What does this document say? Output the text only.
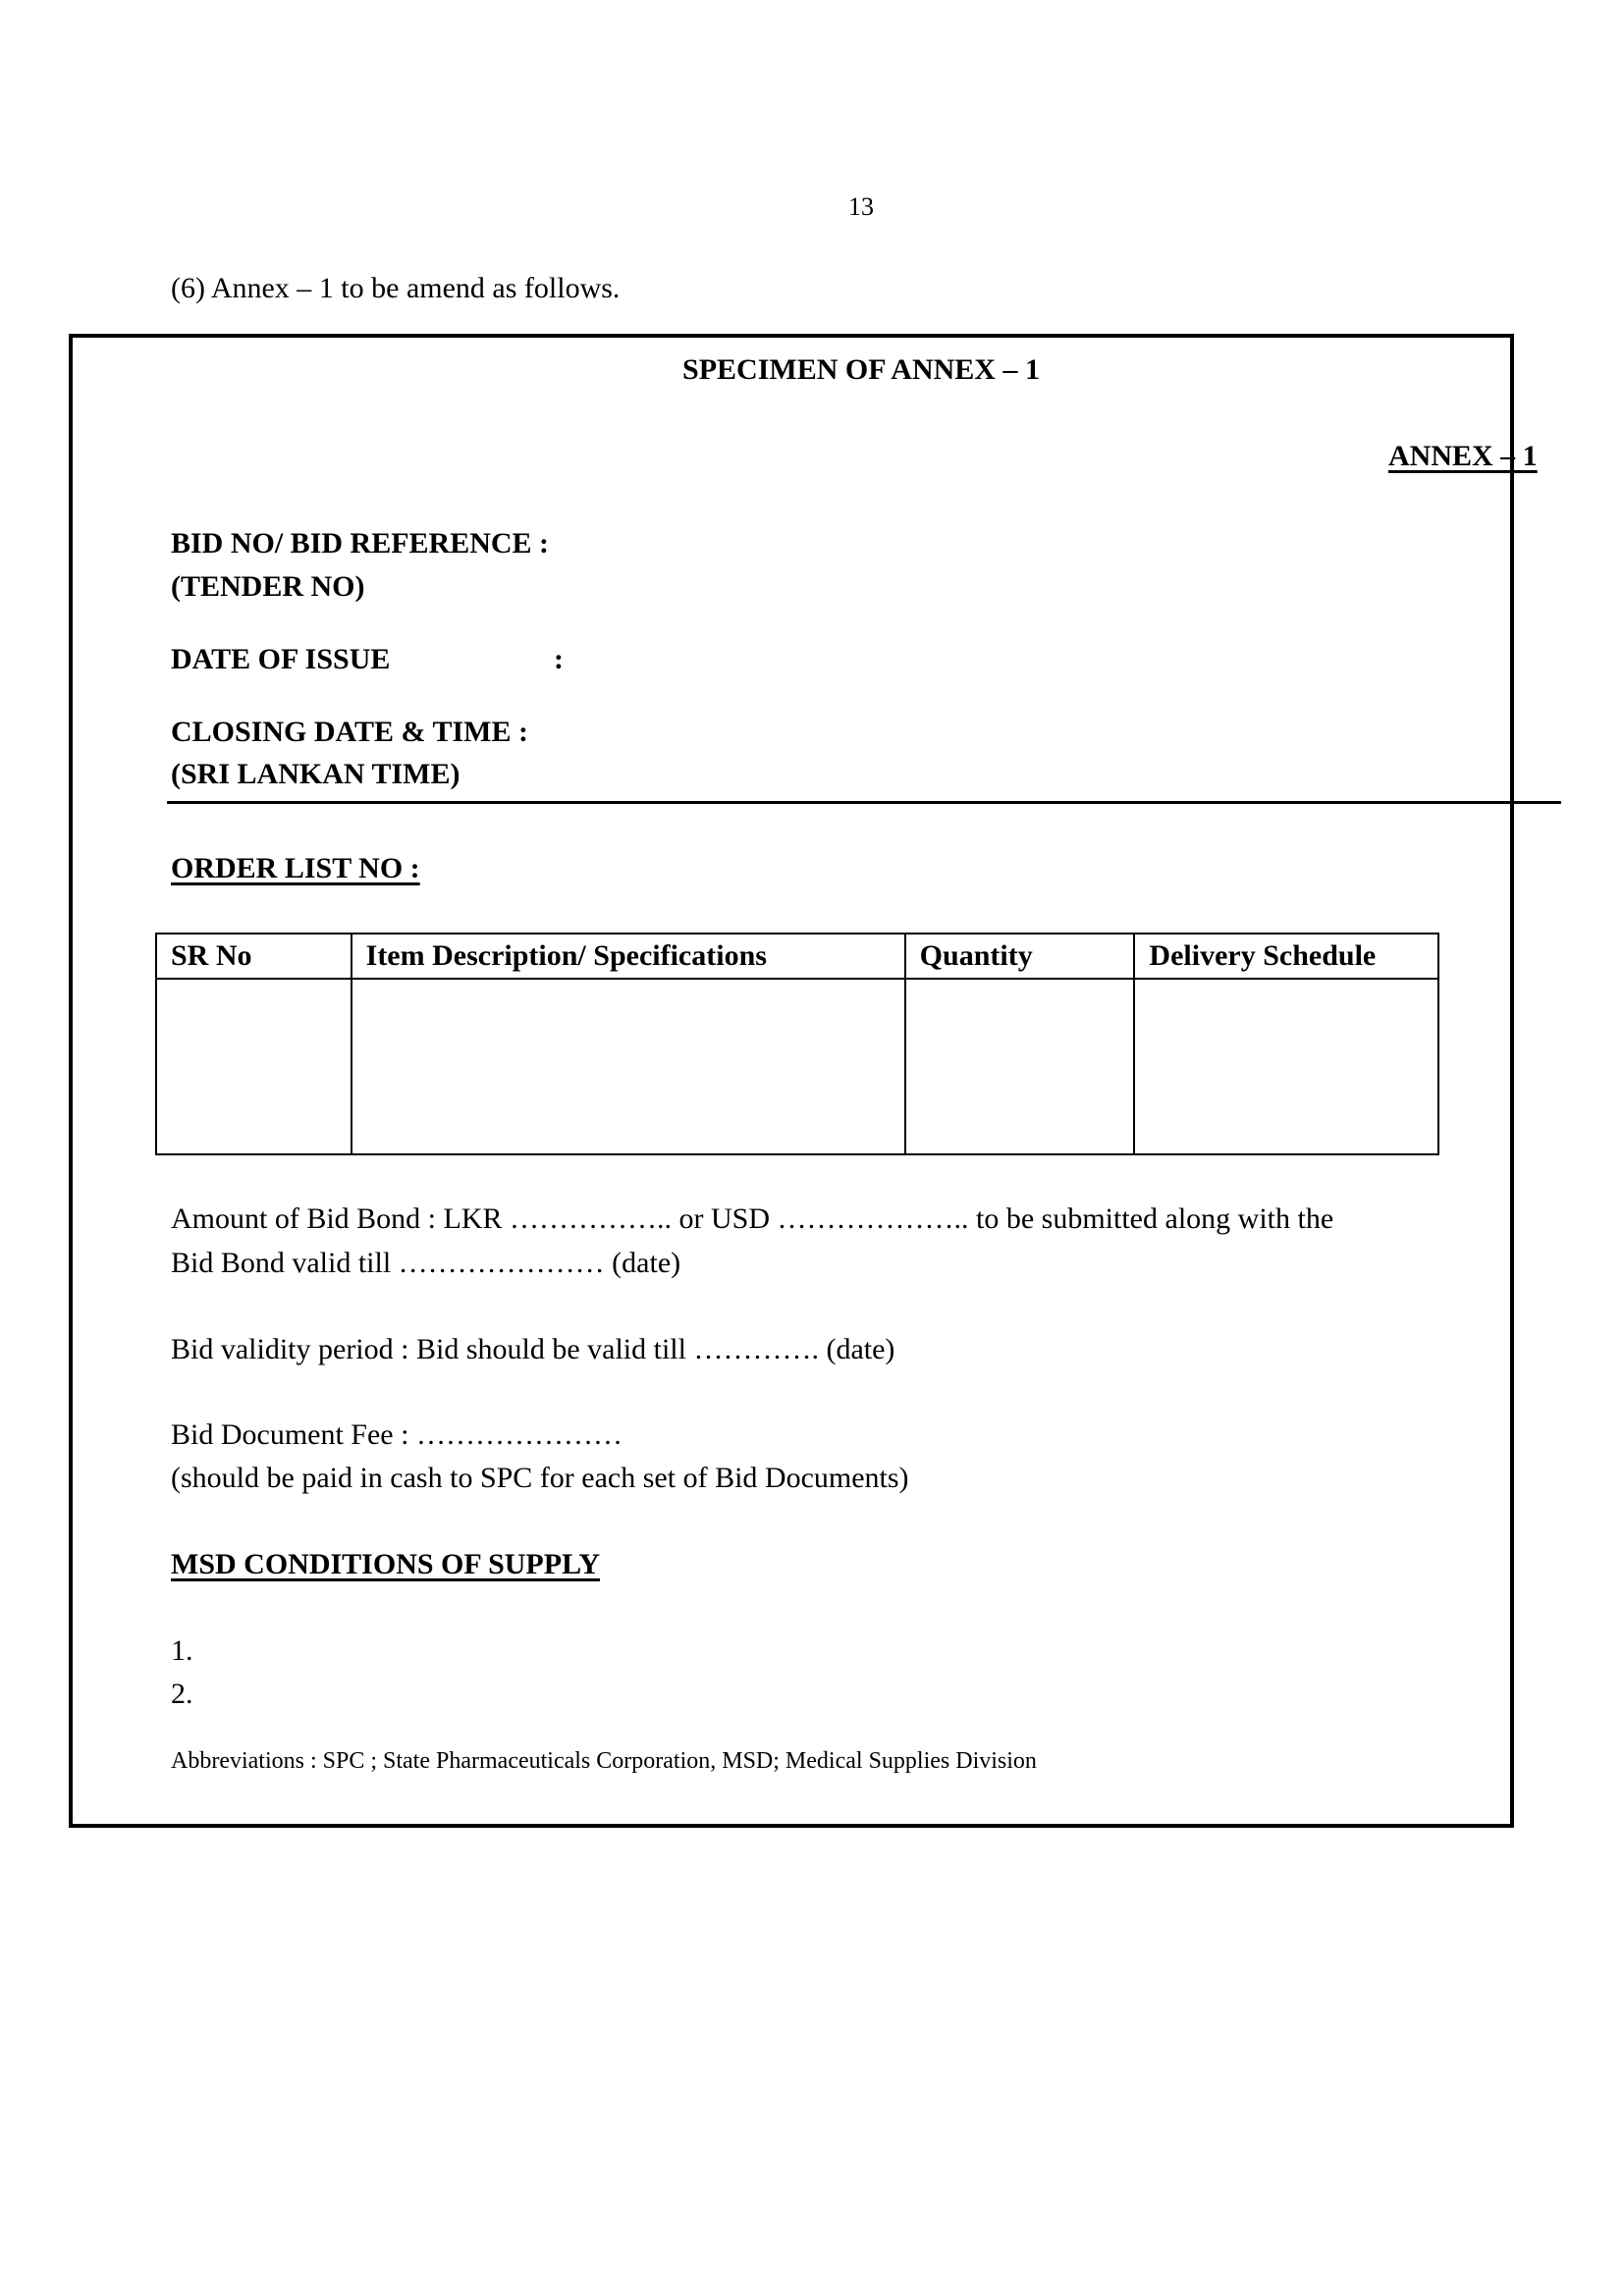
13
(6) Annex – 1 to be amend as follows.
SPECIMEN OF ANNEX – 1
ANNEX – 1
BID NO/ BID REFERENCE :
(TENDER NO)
DATE OF ISSUE	:
CLOSING DATE & TIME :
(SRI LANKAN TIME)
ORDER LIST NO :
SR No	Item Description/ Specifications	Quantity	Delivery Schedule

Amount of Bid Bond : LKR …………….. or USD ……………….. to be submitted along with the
Bid Bond valid till ………………… (date)
Bid validity period : Bid should be valid till …………. (date)
Bid Document Fee : …………………
(should be paid in cash to SPC for each set of Bid Documents)
MSD CONDITIONS OF SUPPLY
1.
2.
Abbreviations : SPC ; State Pharmaceuticals Corporation, MSD; Medical Supplies Division
